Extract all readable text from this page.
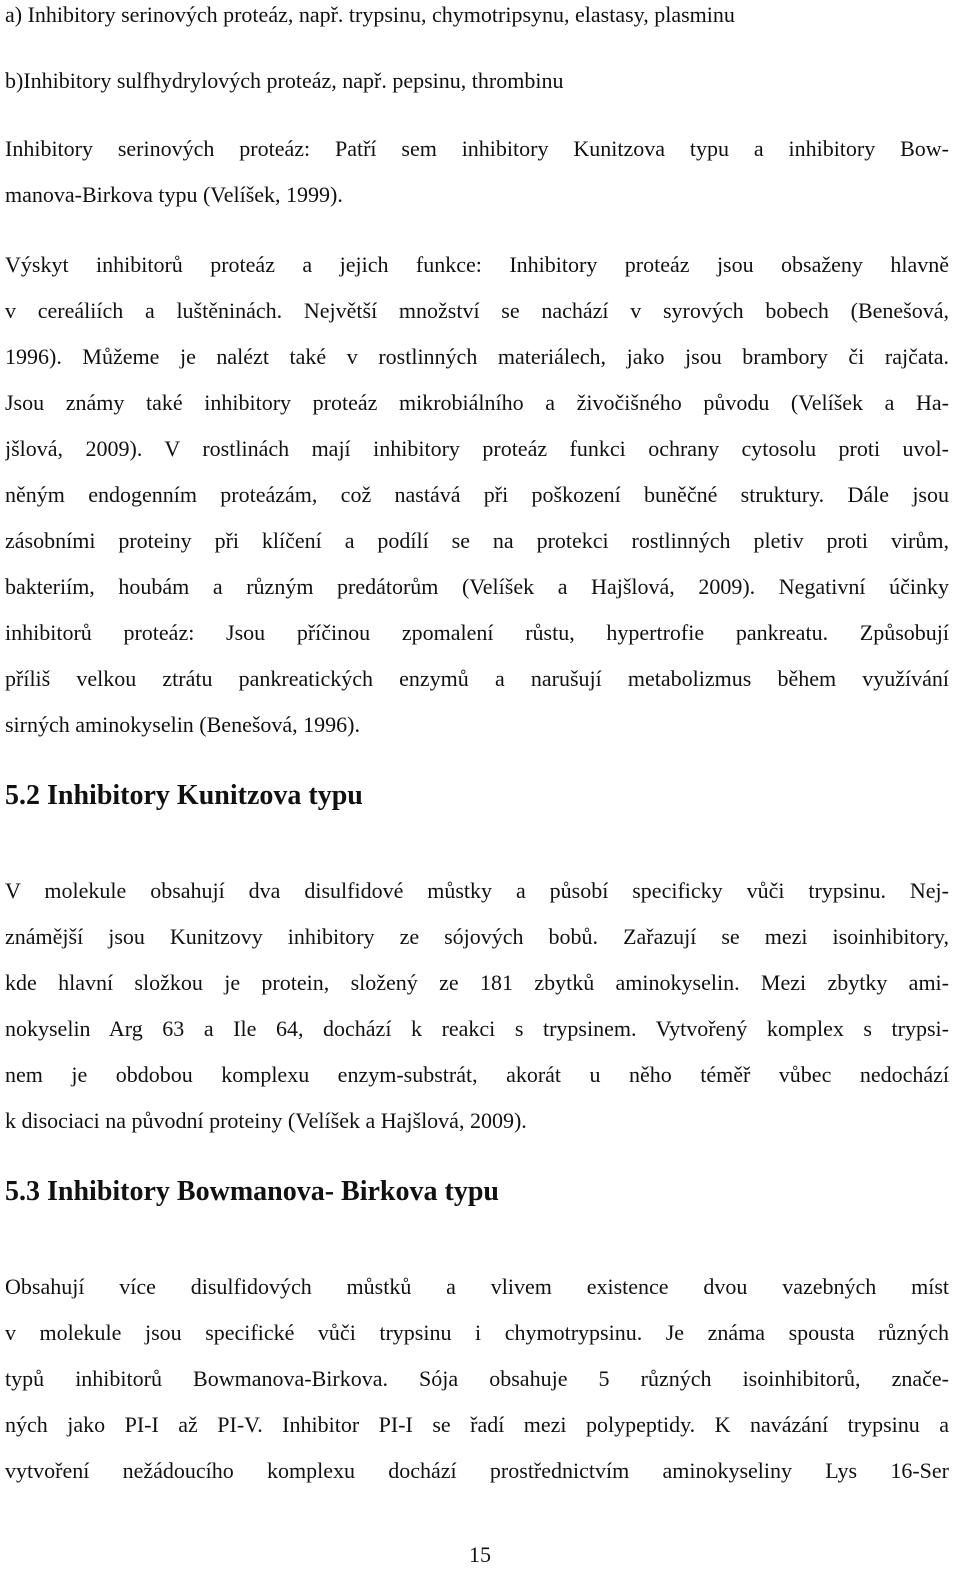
a) Inhibitory serinových proteáz, např. trypsinu, chymotripsynu, elastasy, plasminu
b)Inhibitory sulfhydrylových proteáz, např. pepsinu, thrombinu
Inhibitory serinových proteáz: Patří sem inhibitory Kunitzova typu a inhibitory Bow-
manova-Birkova typu (Velíšek, 1999).
Výskyt inhibitorů proteáz a jejich funkce: Inhibitory proteáz jsou obsaženy hlavně
v cereáliích a luštěninách. Největší množství se nachází v syrových bobech (Benešová,
1996). Můžeme je nalézt také v rostlinných materiálech, jako jsou brambory či rajčata.
Jsou známy také inhibitory proteáz mikrobiálního a živočišného původu (Velíšek a Ha-
jšlová, 2009). V rostlinách mají inhibitory proteáz funkci ochrany cytosolu proti uvol-
něným endogenním proteázám, což nastává při poškození buněčné struktury. Dále jsou
zásobními proteiny při klíčení a podílí se na protekci rostlinných pletiv proti virům,
bakteriím, houbám a různým predátorům (Velíšek a Hajšlová, 2009). Negativní účinky
inhibitorů proteáz: Jsou příčinou zpomalení růstu, hypertrofie pankreatu. Způsobují
příliš velkou ztrátu pankreatických enzymů a narušují metabolizmus během využívání
sirných aminokyselin (Benešová, 1996).
5.2 Inhibitory Kunitzova typu
V molekule obsahují dva disulfidové můstky a působí specificky vůči trypsinu. Nej-
známější jsou Kunitzovy inhibitory ze sójových bobů. Zařazují se mezi isoinhibitory,
kde hlavní složkou je protein, složený ze 181 zbytků aminokyselin. Mezi zbytky ami-
nokyselin Arg 63 a Ile 64, dochází k reakci s trypsinem. Vytvořený komplex s trypsi-
nem je obdobou komplexu enzym-substrát, akorát u něho téměř vůbec nedochází
k disociaci na původní proteiny (Velíšek a Hajšlová, 2009).
5.3 Inhibitory Bowmanova- Birkova typu
Obsahují více disulfidových můstků a vlivem existence dvou vazebných míst
v molekule jsou specifické vůči trypsinu i chymotrypsinu. Je známa spousta různých
typů inhibitorů Bowmanova-Birkova. Sója obsahuje 5 různých isoinhibitorů, znače-
ných jako PI-I až PI-V. Inhibitor PI-I se řadí mezi polypeptidy. K navázání trypsinu a
vytvoření nežádoucího komplexu dochází prostřednictvím aminokyseliny Lys 16-Ser
15
